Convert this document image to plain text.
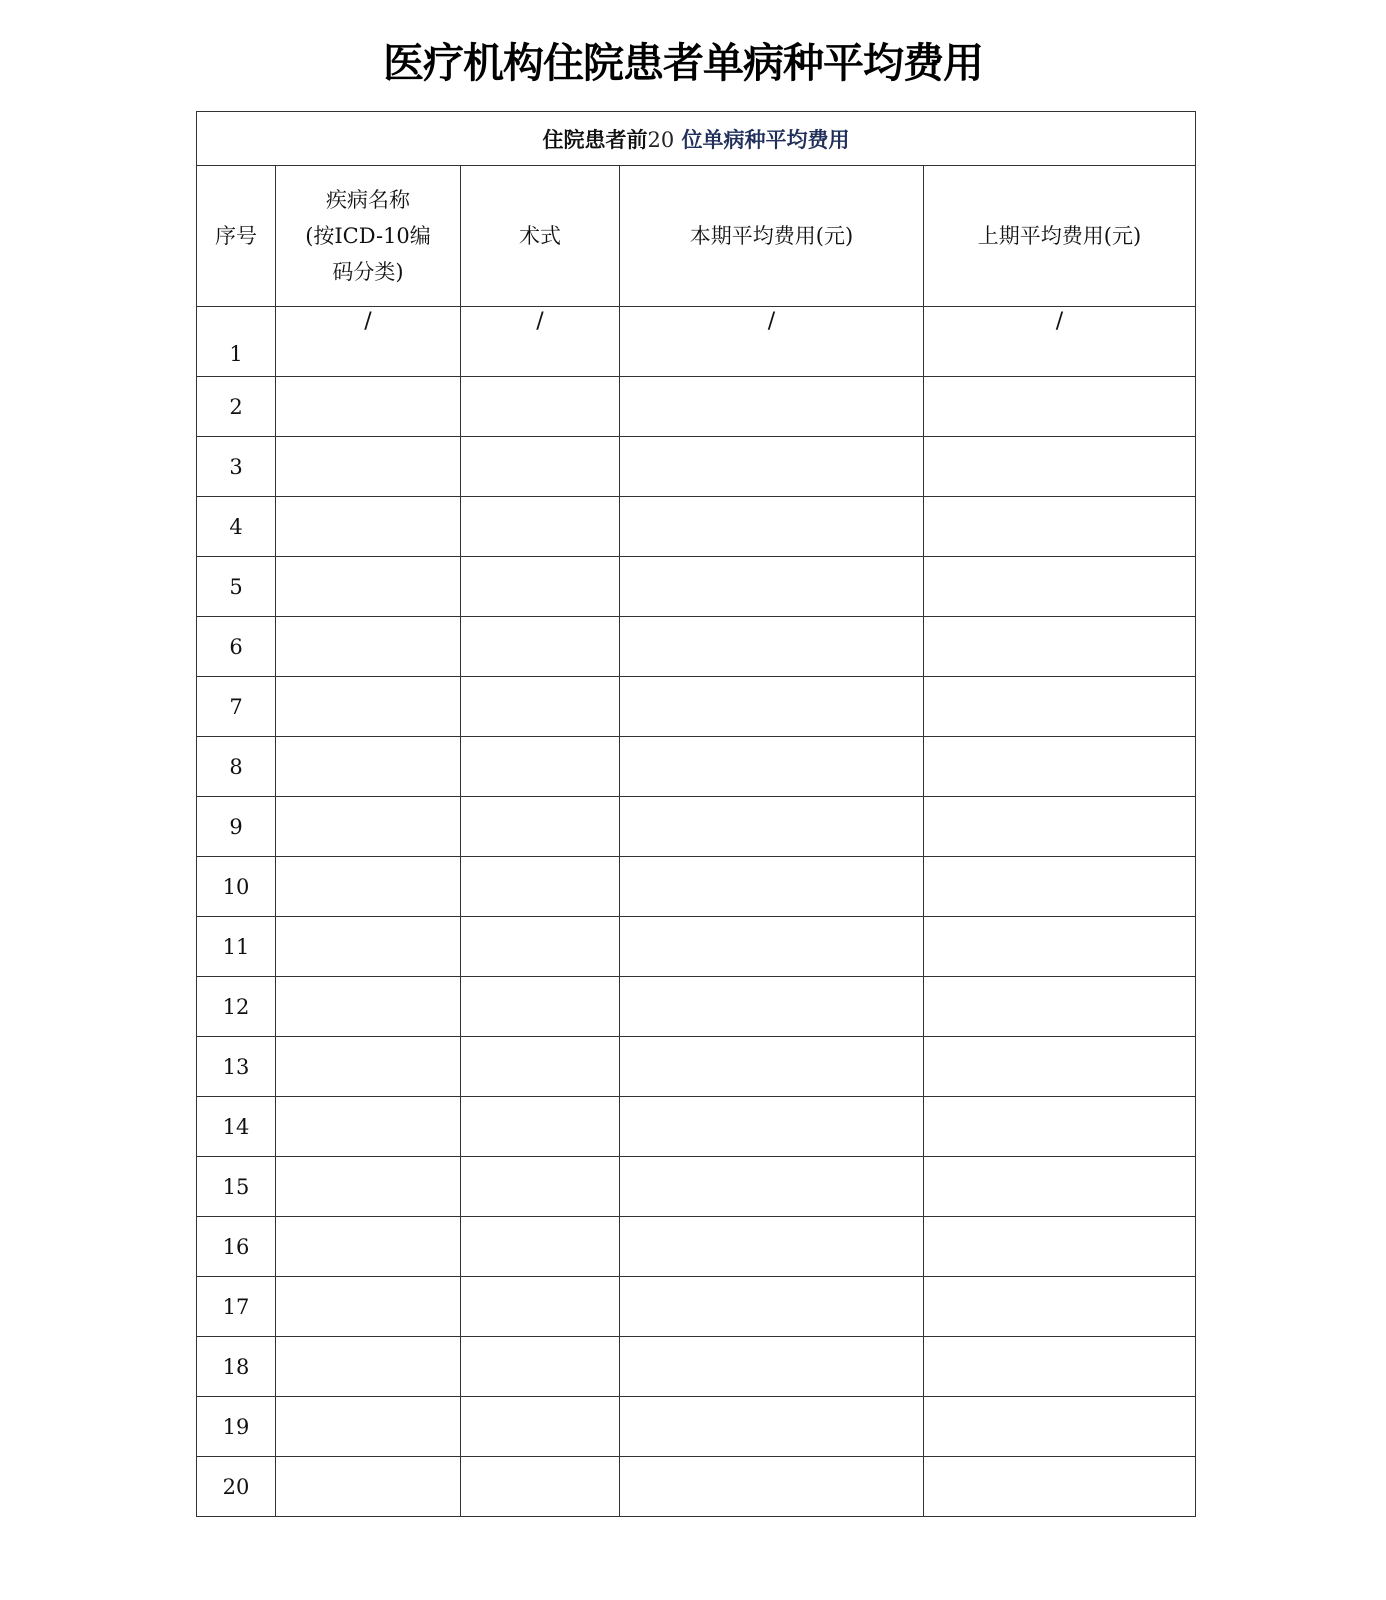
医疗机构住院患者单病种平均费用
住院患者前20 位单病种平均费用				
序号	疾病名称
(按ICD-10编
码分类)	术式	本期平均费用(元)	上期平均费用(元)
1	/	/	/	/

2				
3				
4				
5				
6				
7				
8				
9				
10				
11				
12				
13				
14				
15				
16				
17				
18				
19				
20				
